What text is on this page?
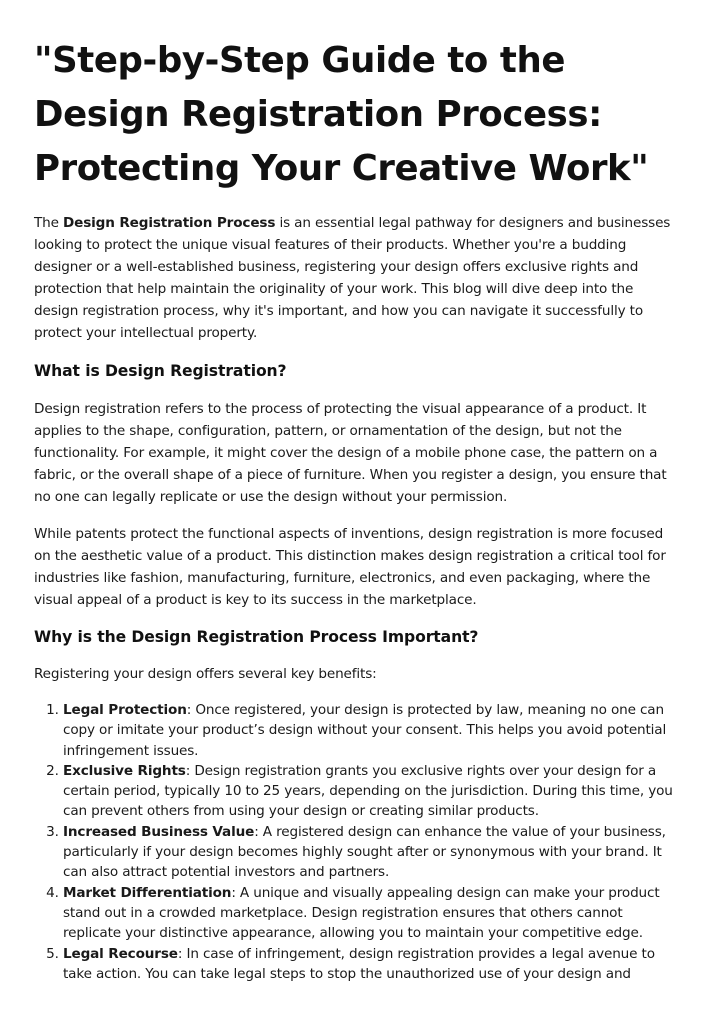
"Step-by-Step Guide to the Design Registration Process: Protecting Your Creative Work"

The Design Registration Process is an essential legal pathway for designers and businesses looking to protect the unique visual features of their products. Whether you're a budding designer or a well-established business, registering your design offers exclusive rights and protection that help maintain the originality of your work. This blog will dive deep into the design registration process, why it's important, and how you can navigate it successfully to protect your intellectual property.

What is Design Registration?

Design registration refers to the process of protecting the visual appearance of a product. It applies to the shape, configuration, pattern, or ornamentation of the design, but not the functionality. For example, it might cover the design of a mobile phone case, the pattern on a fabric, or the overall shape of a piece of furniture. When you register a design, you ensure that no one can legally replicate or use the design without your permission.

While patents protect the functional aspects of inventions, design registration is more focused on the aesthetic value of a product. This distinction makes design registration a critical tool for industries like fashion, manufacturing, furniture, electronics, and even packaging, where the visual appeal of a product is key to its success in the marketplace.

Why is the Design Registration Process Important?

Registering your design offers several key benefits:

1. Legal Protection: Once registered, your design is protected by law, meaning no one can copy or imitate your product’s design without your consent. This helps you avoid potential infringement issues.
2. Exclusive Rights: Design registration grants you exclusive rights over your design for a certain period, typically 10 to 25 years, depending on the jurisdiction. During this time, you can prevent others from using your design or creating similar products.
3. Increased Business Value: A registered design can enhance the value of your business, particularly if your design becomes highly sought after or synonymous with your brand. It can also attract potential investors and partners.
4. Market Differentiation: A unique and visually appealing design can make your product stand out in a crowded marketplace. Design registration ensures that others cannot replicate your distinctive appearance, allowing you to maintain your competitive edge.
5. Legal Recourse: In case of infringement, design registration provides a legal avenue to take action. You can take legal steps to stop the unauthorized use of your design and
